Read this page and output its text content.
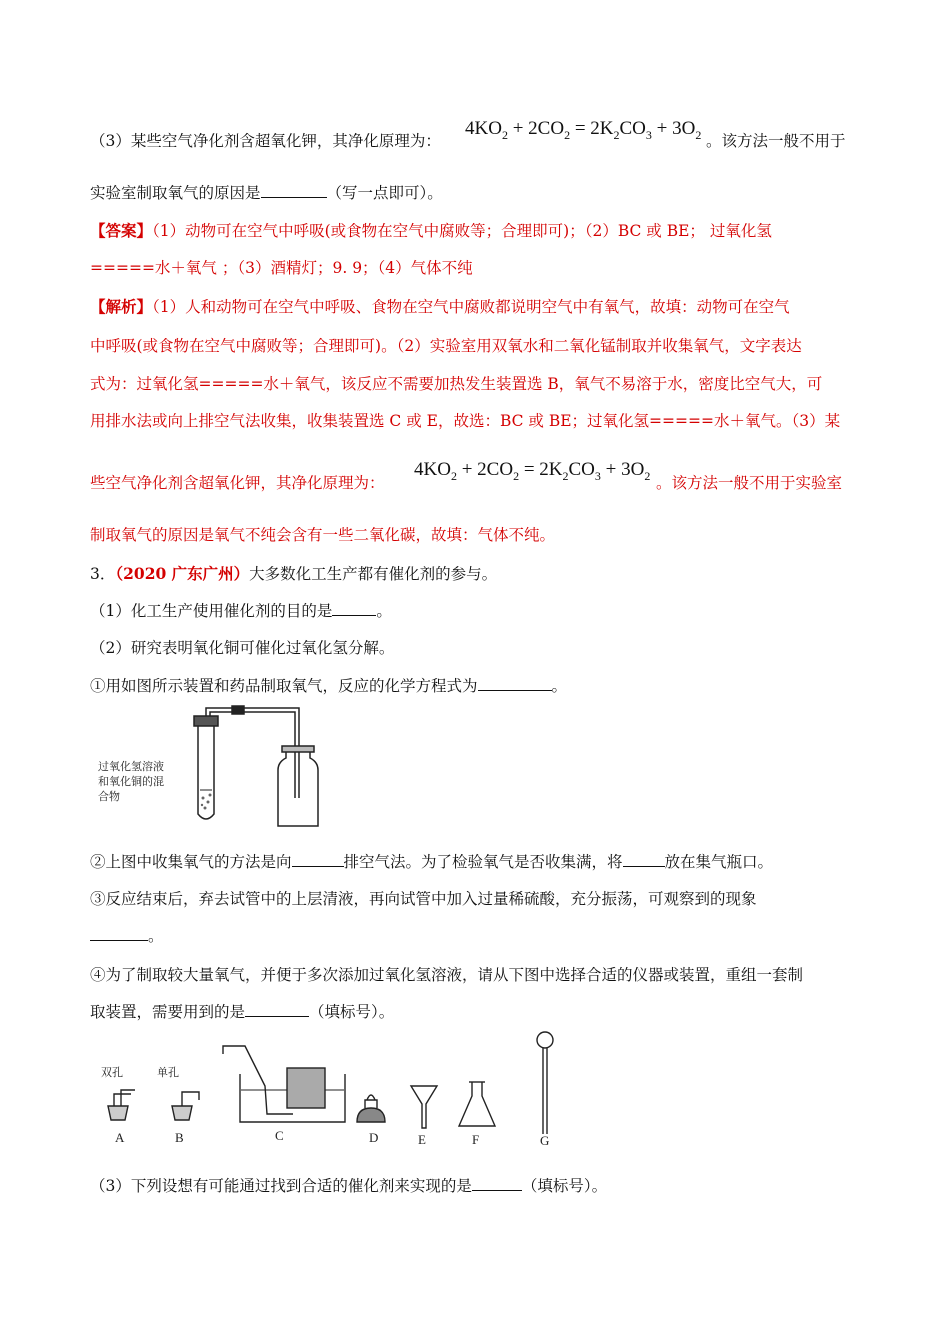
（3）某些空气净化剂含超氧化钾，其净化原理为：
$4KO_2 + 2CO_2 = 2K_2CO_3 + 3O_2$ 。该方法一般不用于
实验室制取氧气的原因是	（写一点即可）。
【答案】（1）动物可在空气中呼吸(或食物在空气中腐败等；合理即可)；（2）BC 或 BE； 过氧化氢
=====水＋氧气 ；（3）酒精灯；9. 9；（4）气体不纯
【解析】（1）人和动物可在空气中呼吸、食物在空气中腐败都说明空气中有氧气，故填：动物可在空气
中呼吸(或食物在空气中腐败等；合理即可)。（2）实验室用双氧水和二氧化锰制取并收集氧气，文字表达
式为：过氧化氢=====水＋氧气，该反应不需要加热发生装置选 B，氧气不易溶于水，密度比空气大，可
用排水法或向上排空气法收集，收集装置选 C 或 E，故选：BC 或 BE；过氧化氢=====水＋氧气。（3）某
些空气净化剂含超氧化钾，其净化原理为：
$4KO_2 + 2CO_2 = 2K_2CO_3 + 3O_2$ 。该方法一般不用于实验室
制取氧气的原因是氧气不纯会含有一些二氧化碳，故填：气体不纯。
3．（2020 广东广州）大多数化工生产都有催化剂的参与。
（1）化工生产使用催化剂的目的是	。
（2）研究表明氧化铜可催化过氧化氢分解。
①用如图所示装置和药品制取氧气，反应的化学方程式为	。
过氧化氢溶液
和氧化铜的混
合物
②上图中收集氧气的方法是向	排空气法。为了检验氧气是否收集满，将	放在集气瓶口。
③反应结束后，弃去试管中的上层清液，再向试管中加入过量稀硫酸，充分振荡，可观察到的现象
。
④为了制取较大量氧气，并便于多次添加过氧化氢溶液，请从下图中选择合适的仪器或装置，重组一套制
取装置，需要用到的是	（填标号）。
双孔	单孔
A	B	C	D	E	F	G
（3）下列设想有可能通过找到合适的催化剂来实现的是	（填标号）。
